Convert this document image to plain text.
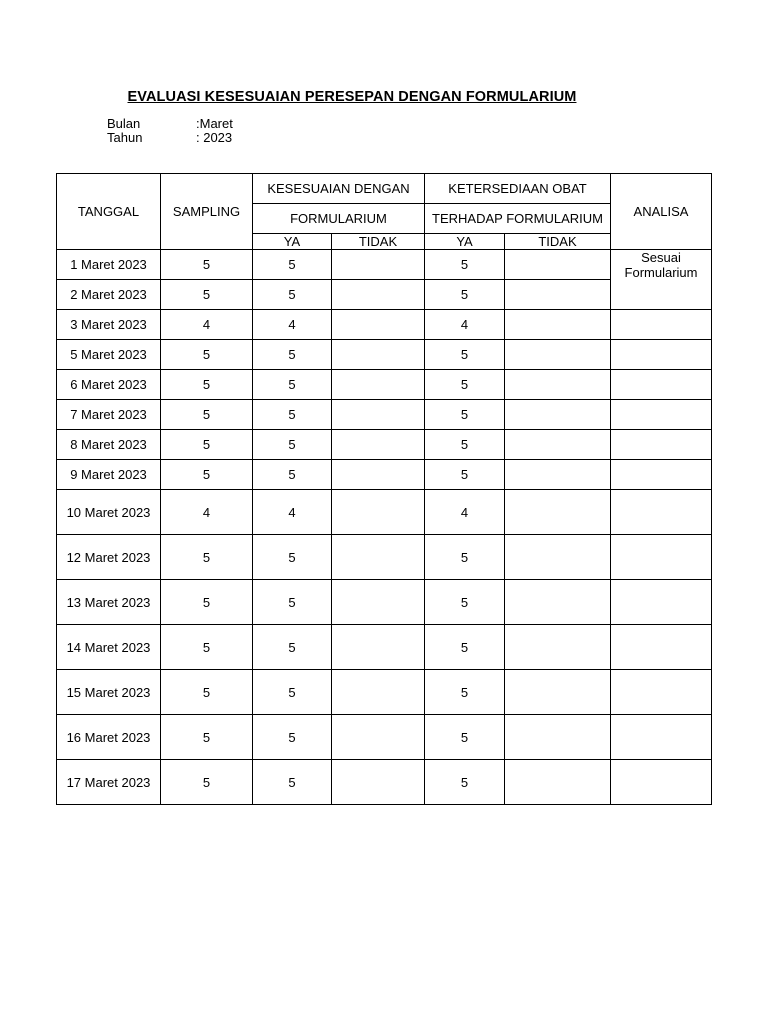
EVALUASI KESESUAIAN PERESEPAN DENGAN FORMULARIUM
Bulan	:Maret
Tahun	: 2023
TANGGAL	SAMPLING	KESESUAIAN DENGAN		KETERSEDIAAN OBAT		ANALISA
		FORMULARIUM		TERHADAP FORMULARIUM		
		YA	TIDAK	YA	TIDAK	
1 Maret 2023	5	5		5		Sesuai Formularium
2 Maret 2023	5	5		5		
3 Maret 2023	4	4		4		
5 Maret 2023	5	5		5		
6 Maret 2023	5	5		5		
7 Maret 2023	5	5		5		
8 Maret 2023	5	5		5		
9 Maret 2023	5	5		5		
10 Maret 2023	4	4		4		
12 Maret 2023	5	5		5		
13 Maret 2023	5	5		5		
14 Maret 2023	5	5		5		
15 Maret 2023	5	5		5		
16 Maret 2023	5	5		5		
17 Maret 2023	5	5		5		
